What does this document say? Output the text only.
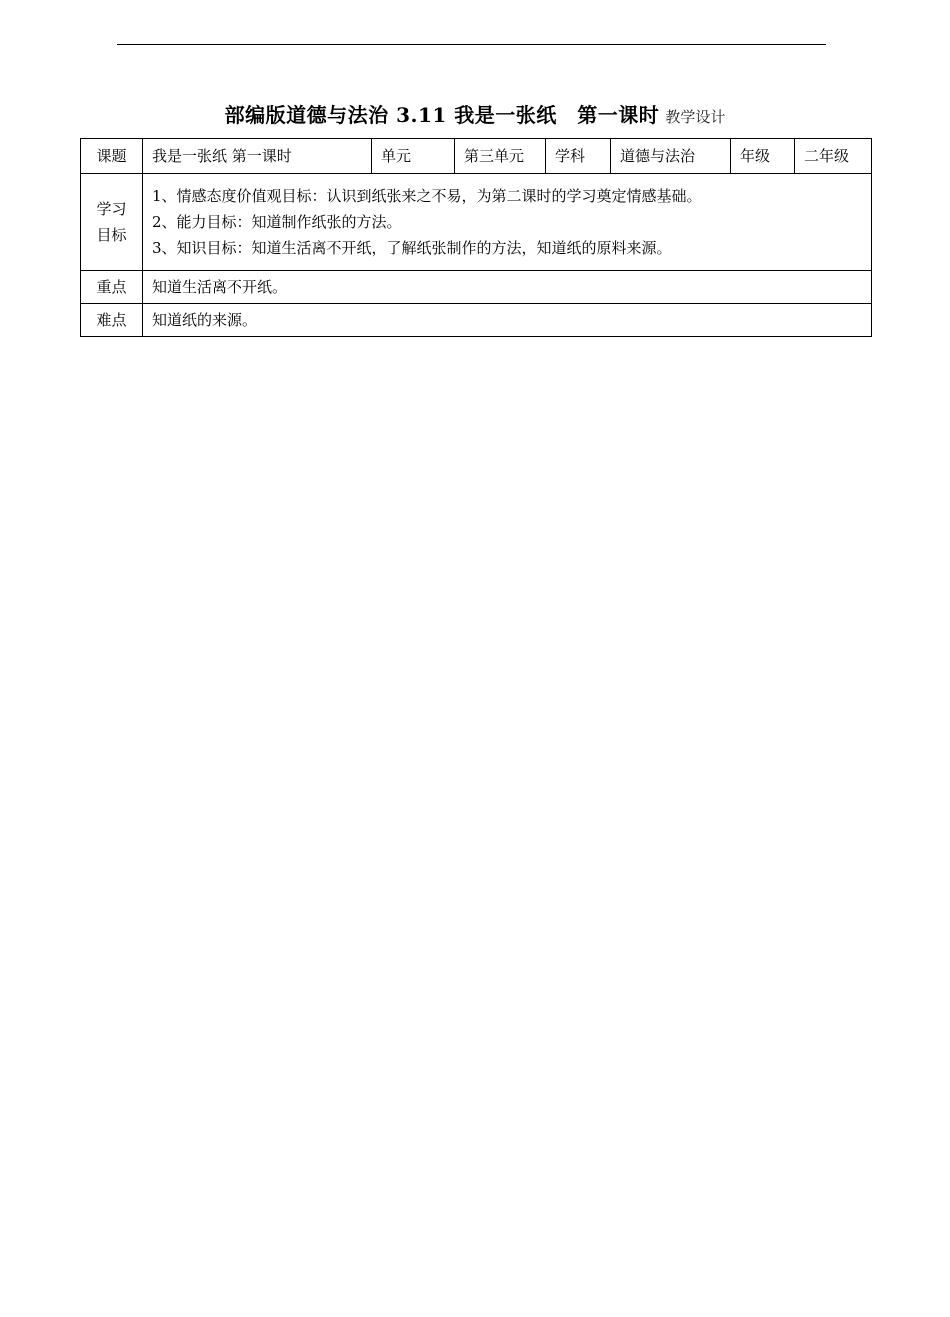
部编版道德与法治 3.11 我是一张纸　第一课时 教学设计
课题	我是一张纸 第一课时	单元	第三单元	学科	道德与法治	年级	二年级

学习
目标	1、情感态度价值观目标：认识到纸张来之不易，为第二课时的学习奠定情感基础。
2、能力目标：知道制作纸张的方法。
3、知识目标：知道生活离不开纸，了解纸张制作的方法，知道纸的原料来源。						

重点	知道生活离不开纸。						
难点	知道纸的来源。						
